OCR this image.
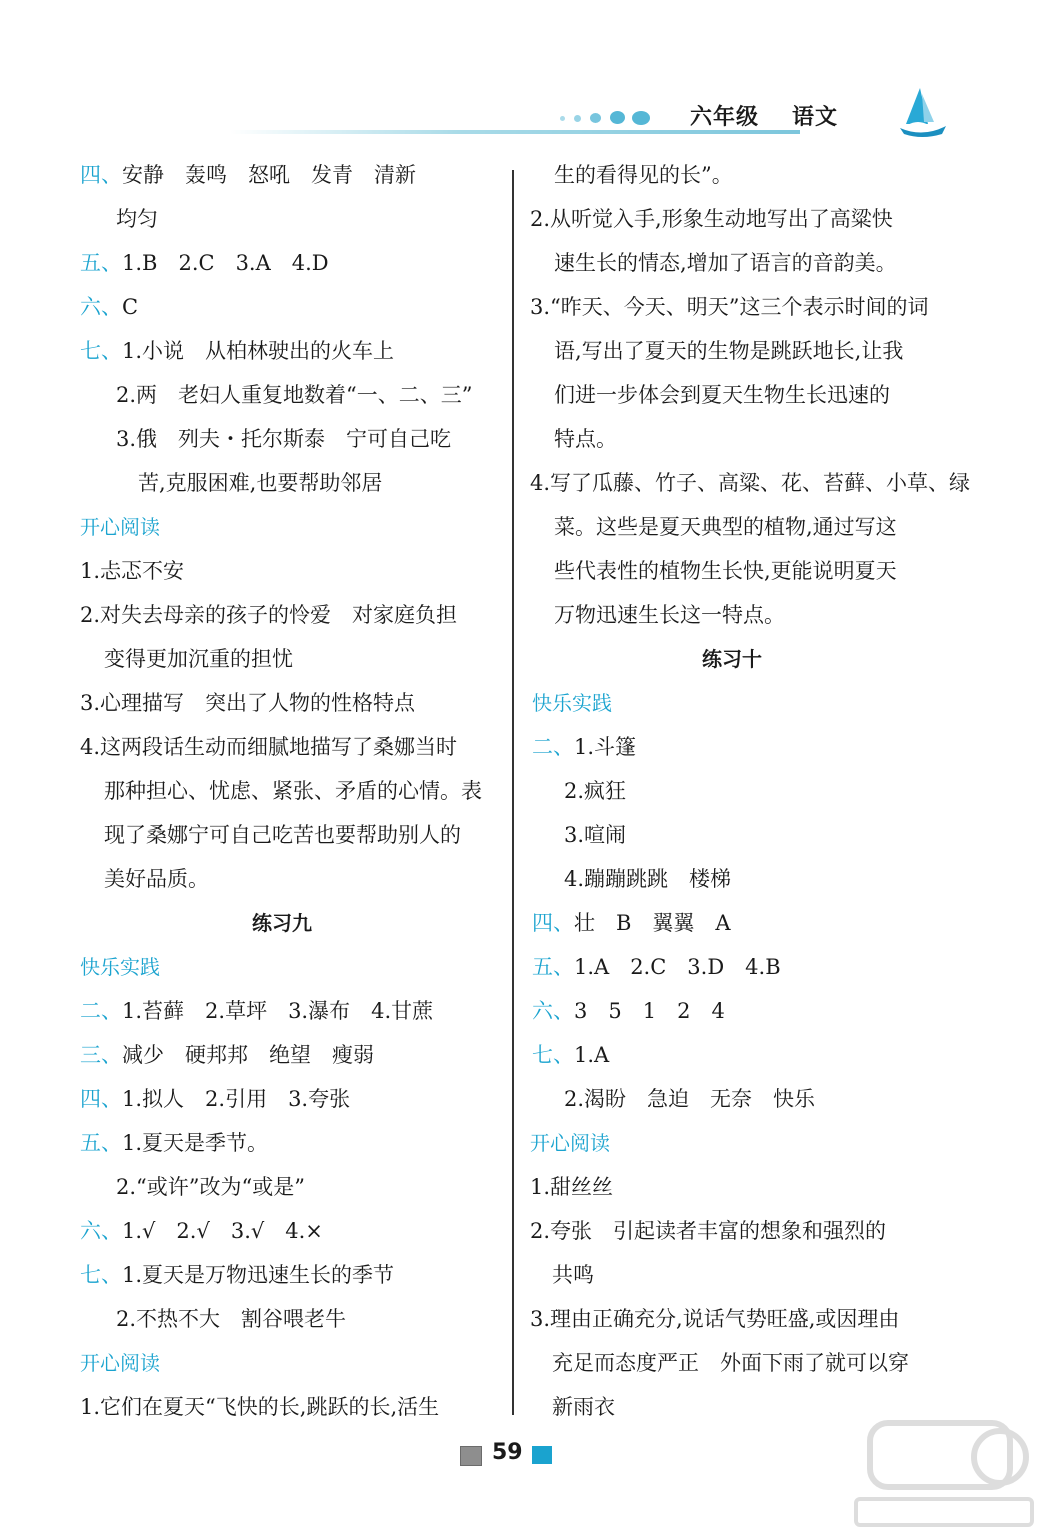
六年级 语文
四、安静　轰鸣　怒吼　发青　清新
均匀
五、1.B　2.C　3.A　4.D
六、C
七、1.小说　从柏林驶出的火车上
2.两　老妇人重复地数着“一、二、三”
3.俄　列夫・托尔斯泰　宁可自己吃
苦,克服困难,也要帮助邻居
开心阅读
1.忐忑不安
2.对失去母亲的孩子的怜爱　对家庭负担
变得更加沉重的担忧
3.心理描写　突出了人物的性格特点
4.这两段话生动而细腻地描写了桑娜当时
那种担心、忧虑、紧张、矛盾的心情。表
现了桑娜宁可自己吃苦也要帮助别人的
美好品质。
练习九
快乐实践
二、1.苔藓　2.草坪　3.瀑布　4.甘蔗
三、减少　硬邦邦　绝望　瘦弱
四、1.拟人　2.引用　3.夸张
五、1.夏天是季节。
2.“或许”改为“或是”
六、1.√　2.√　3.√　4.×
七、1.夏天是万物迅速生长的季节
2.不热不大　割谷喂老牛
开心阅读
1.它们在夏天“飞快的长,跳跃的长,活生
生的看得见的长”。
2.从听觉入手,形象生动地写出了高粱快
速生长的情态,增加了语言的音韵美。
3.“昨天、今天、明天”这三个表示时间的词
语,写出了夏天的生物是跳跃地长,让我
们进一步体会到夏天生物生长迅速的
特点。
4.写了瓜藤、竹子、高粱、花、苔藓、小草、绿
菜。这些是夏天典型的植物,通过写这
些代表性的植物生长快,更能说明夏天
万物迅速生长这一特点。
练习十
快乐实践
二、1.斗篷
2.疯狂
3.喧闹
4.蹦蹦跳跳　楼梯
四、壮　B　翼翼　A
五、1.A　2.C　3.D　4.B
六、3　5　1　2　4
七、1.A
2.渴盼　急迫　无奈　快乐
开心阅读
1.甜丝丝
2.夸张　引起读者丰富的想象和强烈的
共鸣
3.理由正确充分,说话气势旺盛,或因理由
充足而态度严正　外面下雨了就可以穿
新雨衣
59
